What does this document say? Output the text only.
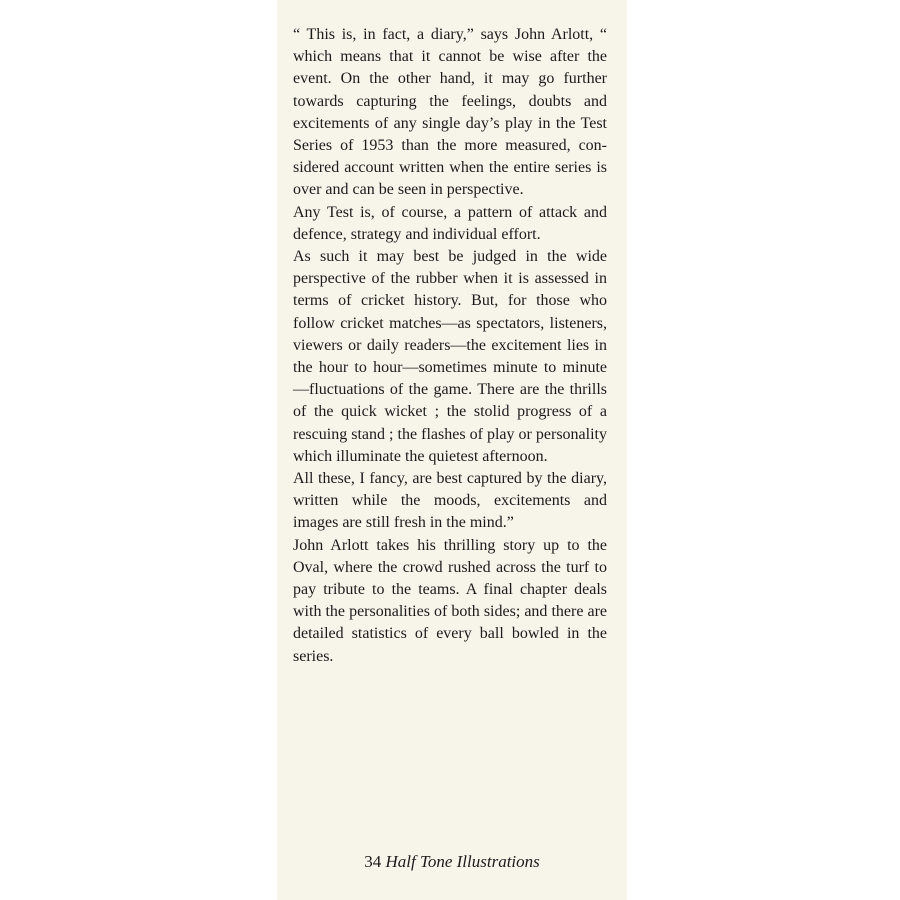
“ This is, in fact, a diary,” says John Arlott, “ which means that it cannot be wise after the event. On the other hand, it may go further towards capturing the feelings, doubts and excitements of any single day’s play in the Test Series of 1953 than the more measured, considered account written when the entire series is over and can be seen in perspective.

Any Test is, of course, a pattern of attack and defence, strategy and individual effort.

As such it may best be judged in the wide perspective of the rubber when it is assessed in terms of cricket history. But, for those who follow cricket matches—as spectators, listeners, viewers or daily readers—the excitement lies in the hour to hour—sometimes minute to minute—fluctuations of the game. There are the thrills of the quick wicket ; the stolid progress of a rescuing stand ; the flashes of play or personality which illuminate the quietest afternoon.

All these, I fancy, are best captured by the diary, written while the moods, excitements and images are still fresh in the mind.”

John Arlott takes his thrilling story up to the Oval, where the crowd rushed across the turf to pay tribute to the teams. A final chapter deals with the personalities of both sides; and there are detailed statistics of every ball bowled in the series.

34 Half Tone Illustrations
